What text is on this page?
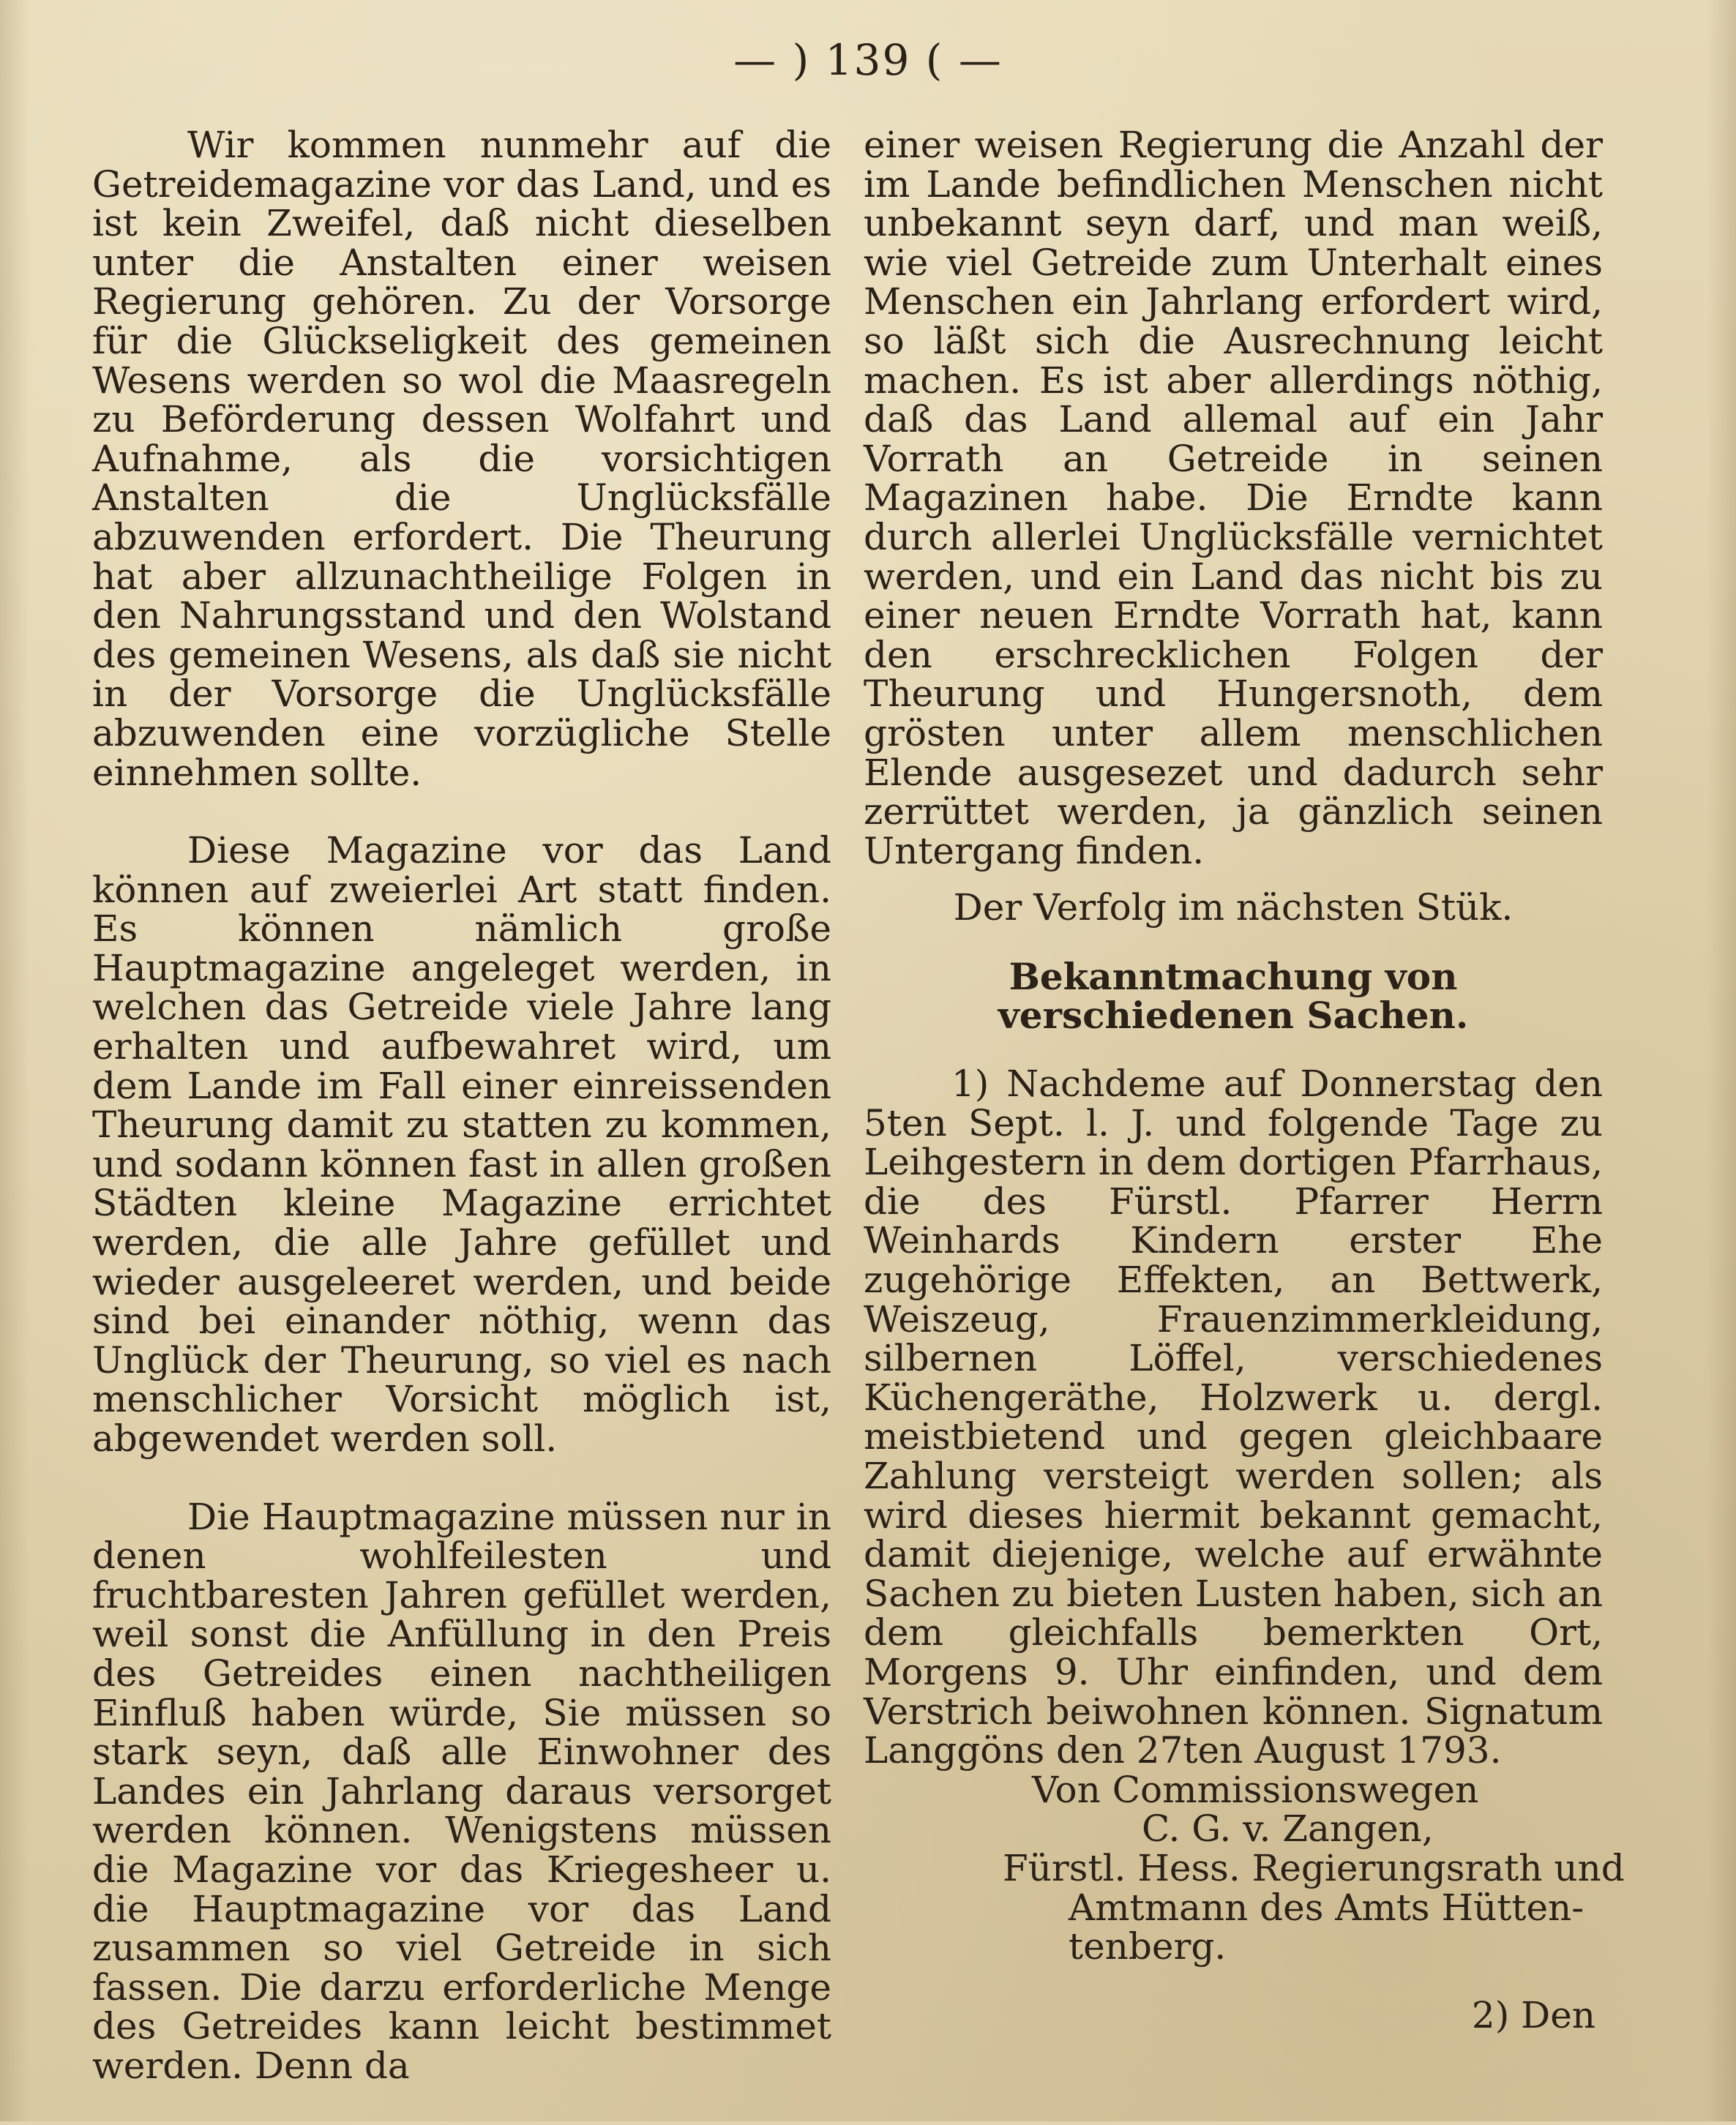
— ) 139 ( —

Wir kommen nunmehr auf die Getreidemagazine vor das Land, und es ist kein Zweifel, daß nicht dieselben unter die Anstalten einer weisen Regierung gehören. Zu der Vorsorge für die Glückseligkeit des gemeinen Wesens werden so wol die Maasregeln zu Beförderung dessen Wolfahrt und Aufnahme, als die vorsichtigen Anstalten die Unglücksfälle abzuwenden erfordert. Die Theurung hat aber allzunachtheilige Folgen in den Nahrungsstand und den Wolstand des gemeinen Wesens, als daß sie nicht in der Vorsorge die Unglücksfälle abzuwenden eine vorzügliche Stelle einnehmen sollte.

Diese Magazine vor das Land können auf zweierlei Art statt finden. Es können nämlich große Hauptmagazine angeleget werden, in welchen das Getreide viele Jahre lang erhalten und aufbewahret wird, um dem Lande im Fall einer einreissenden Theurung damit zu statten zu kommen, und sodann können fast in allen großen Städten kleine Magazine errichtet werden, die alle Jahre gefüllet und wieder ausgeleeret werden, und beide sind bei einander nöthig, wenn das Unglück der Theurung, so viel es nach menschlicher Vorsicht möglich ist, abgewendet werden soll.

Die Hauptmagazine müssen nur in denen wohlfeilesten und fruchtbaresten Jahren gefüllet werden, weil sonst die Anfüllung in den Preis des Getreides einen nachtheiligen Einfluß haben würde, Sie müssen so stark seyn, daß alle Einwohner des Landes ein Jahrlang daraus versorget werden können. Wenigstens müssen die Magazine vor das Kriegesheer u. die Hauptmagazine vor das Land zusammen so viel Getreide in sich fassen. Die darzu erforderliche Menge des Getreides kann leicht bestimmet werden. Denn da

einer weisen Regierung die Anzahl der im Lande befindlichen Menschen nicht unbekannt seyn darf, und man weiß, wie viel Getreide zum Unterhalt eines Menschen ein Jahrlang erfordert wird, so läßt sich die Ausrechnung leicht machen. Es ist aber allerdings nöthig, daß das Land allemal auf ein Jahr Vorrath an Getreide in seinen Magazinen habe. Die Erndte kann durch allerlei Unglücksfälle vernichtet werden, und ein Land das nicht bis zu einer neuen Erndte Vorrath hat, kann den erschrecklichen Folgen der Theurung und Hungersnoth, dem grösten unter allem menschlichen Elende ausgesezet und dadurch sehr zerrüttet werden, ja gänzlich seinen Untergang finden.

Der Verfolg im nächsten Stük.

Bekanntmachung von verschiedenen Sachen.

1) Nachdeme auf Donnerstag den 5ten Sept. l. J. und folgende Tage zu Leihgestern in dem dortigen Pfarrhaus, die des Fürstl. Pfarrer Herrn Weinhards Kindern erster Ehe zugehörige Effekten, an Bettwerk, Weiszeug, Frauenzimmerkleidung, silbernen Löffel, verschiedenes Küchengeräthe, Holzwerk u. dergl. meistbietend und gegen gleichbaare Zahlung versteigt werden sollen; als wird dieses hiermit bekannt gemacht, damit diejenige, welche auf erwähnte Sachen zu bieten Lusten haben, sich an dem gleichfalls bemerkten Ort, Morgens 9. Uhr einfinden, und dem Verstrich beiwohnen können. Signatum Langgöns den 27ten August 1793.

Von Commissionswegen
C. G. v. Zangen,
Fürstl. Hess. Regierungsrath und
Amtmann des Amts Hütten-
tenberg.

2) Den
